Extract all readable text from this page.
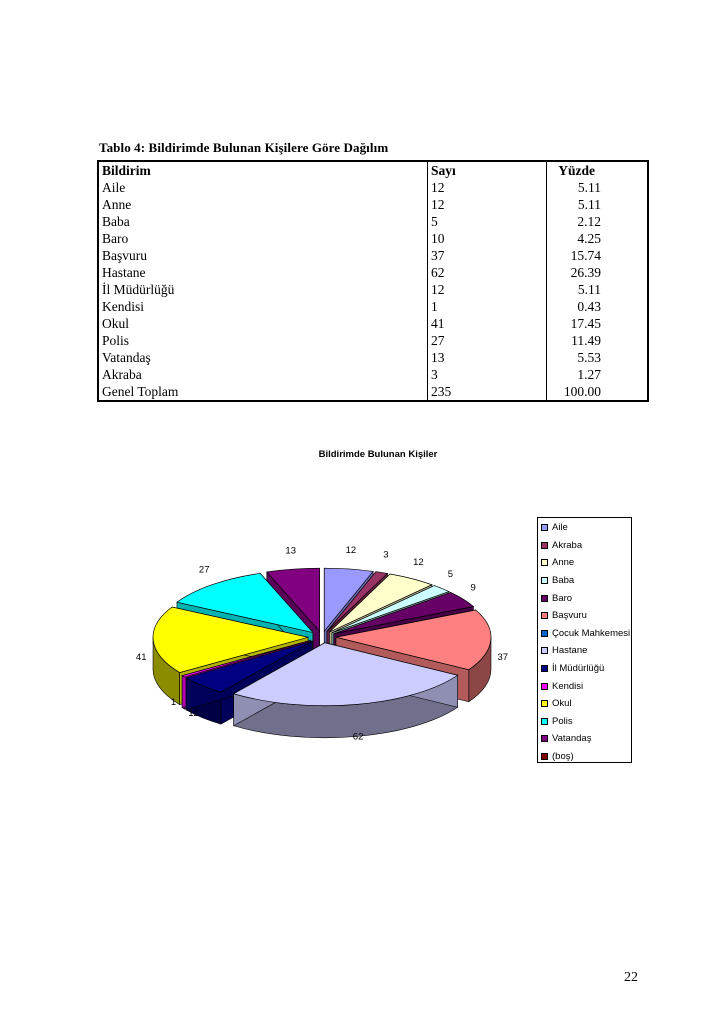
Tablo 4: Bildirimde Bulunan Kişilere Göre Dağılım
Bildirim	Sayı	Yüzde
Aile	12	5.11
Anne	12	5.11
Baba	5	2.12
Baro	10	4.25
Başvuru	37	15.74
Hastane	62	26.39
İl Müdürlüğü	12	5.11
Kendisi	1	0.43
Okul	41	17.45
Polis	27	11.49
Vatandaş	13	5.53
Akraba	3	1.27
Genel Toplam	235	100.00
Bildirimde Bulunan Kişiler
12	3
12
5
9
37
62
12
1
41
27
13
Aile
Akraba
Anne
Baba
Baro
Başvuru
Çocuk Mahkemesi
Hastane
İl Müdürlüğü
Kendisi
Okul
Polis
Vatandaş
(boş)
22
